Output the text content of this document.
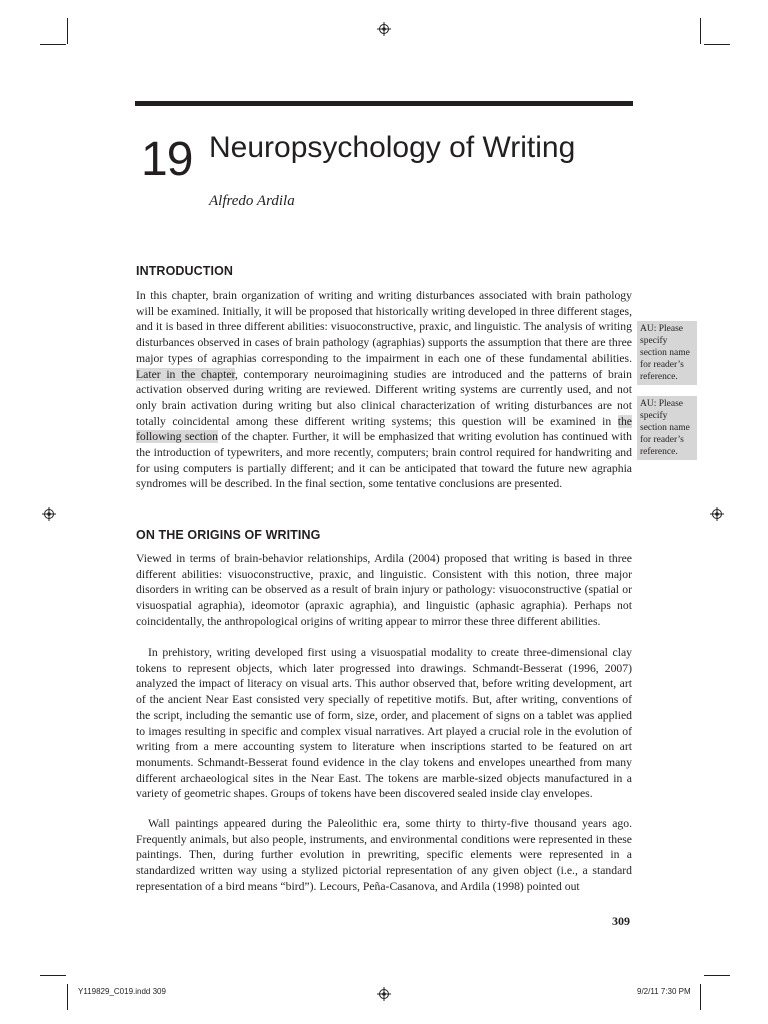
19 Neuropsychology of Writing
Alfredo Ardila
INTRODUCTION

In this chapter, brain organization of writing and writing disturbances associated with brain pathology will be examined. Initially, it will be proposed that historically writing developed in three different stages, and it is based in three different abilities: visuoconstructive, praxic, and linguistic. The analysis of writing disturbances observed in cases of brain pathology (agraphias) supports the assumption that there are three major types of agraphias corresponding to the impairment in each one of these fundamental abilities. Later in the chapter, contemporary neuroimagining studies are introduced and the patterns of brain activation observed during writing are reviewed. Different writing systems are currently used, and not only brain activation during writing but also clinical characterization of writing disturbances are not totally coincidental among these different writing systems; this question will be examined in the following section of the chapter. Further, it will be emphasized that writing evolution has continued with the introduction of typewriters, and more recently, computers; brain control required for handwriting and for using computers is partially different; and it can be anticipated that toward the future new agraphia syndromes will be described. In the final section, some tentative conclusions are presented.

AU: Please specify section name for reader’s reference.
AU: Please specify section name for reader’s reference.
ON THE ORIGINS OF WRITING

Viewed in terms of brain-behavior relationships, Ardila (2004) proposed that writing is based in three different abilities: visuoconstructive, praxic, and linguistic. Consistent with this notion, three major disorders in writing can be observed as a result of brain injury or pathology: visuoconstructive (spatial or visuospatial agraphia), ideomotor (apraxic agraphia), and linguistic (aphasic agraphia). Perhaps not coincidentally, the anthropological origins of writing appear to mirror these three different abilities.

In prehistory, writing developed first using a visuospatial modality to create three-dimensional clay tokens to represent objects, which later progressed into drawings. Schmandt-Besserat (1996, 2007) analyzed the impact of literacy on visual arts. This author observed that, before writing development, art of the ancient Near East consisted very specially of repetitive motifs. But, after writing, conventions of the script, including the semantic use of form, size, order, and placement of signs on a tablet was applied to images resulting in specific and complex visual narratives. Art played a crucial role in the evolution of writing from a mere accounting system to literature when inscriptions started to be featured on art monuments. Schmandt-Besserat found evidence in the clay tokens and envelopes unearthed from many different archaeological sites in the Near East. The tokens are marble-sized objects manufactured in a variety of geometric shapes. Groups of tokens have been discovered sealed inside clay envelopes.

Wall paintings appeared during the Paleolithic era, some thirty to thirty-five thousand years ago. Frequently animals, but also people, instruments, and environmental conditions were represented in these paintings. Then, during further evolution in prewriting, specific elements were represented in a standardized written way using a stylized pictorial representation of any given object (i.e., a standard representation of a bird means “bird”). Lecours, Peña-Casanova, and Ardila (1998) pointed out

309
Y119829_C019.indd 309	9/2/11 7:30 PM
